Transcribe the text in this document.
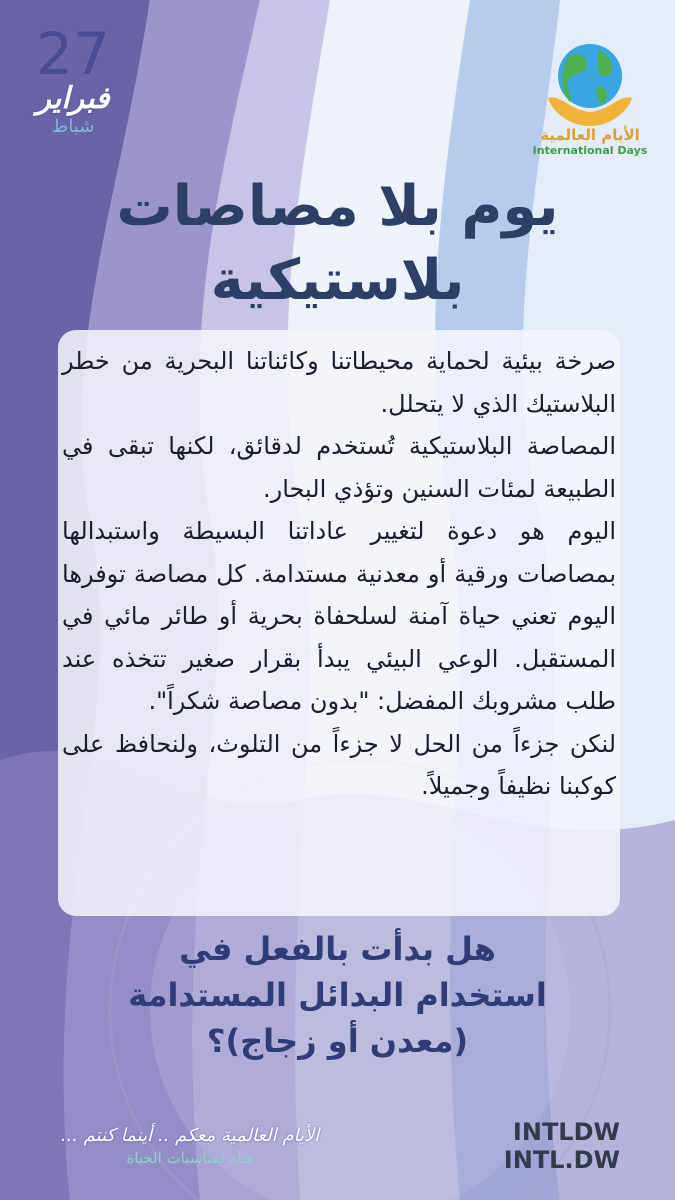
27
فبراير
شباط	الأيام العالمية
International Days
يوم بلا مصاصات
بلاستيكية

صرخة بيئية لحماية محيطاتنا وكائناتنا البحرية من خطر البلاستيك الذي لا يتحلل.

المصاصة البلاستيكية تُستخدم لدقائق، لكنها تبقى في الطبيعة لمئات السنين وتؤذي البحار.

اليوم هو دعوة لتغيير عاداتنا البسيطة واستبدالها بمصاصات ورقية أو معدنية مستدامة. كل مصاصة توفرها اليوم تعني حياة آمنة لسلحفاة بحرية أو طائر مائي في المستقبل. الوعي البيئي يبدأ بقرار صغير تتخذه عند طلب مشروبك المفضل: "بدون مصاصة شكراً".

لنكن جزءاً من الحل لا جزءاً من التلوث، ولنحافظ على كوكبنا نظيفاً وجميلاً.

هل بدأت بالفعل في
استخدام البدائل المستدامة
(معدن أو زجاج)؟
الأيام العالمية معكم .. أينما كنتم ...
قناة لمناسبات الحياة
INTLDW
INTL.DW
